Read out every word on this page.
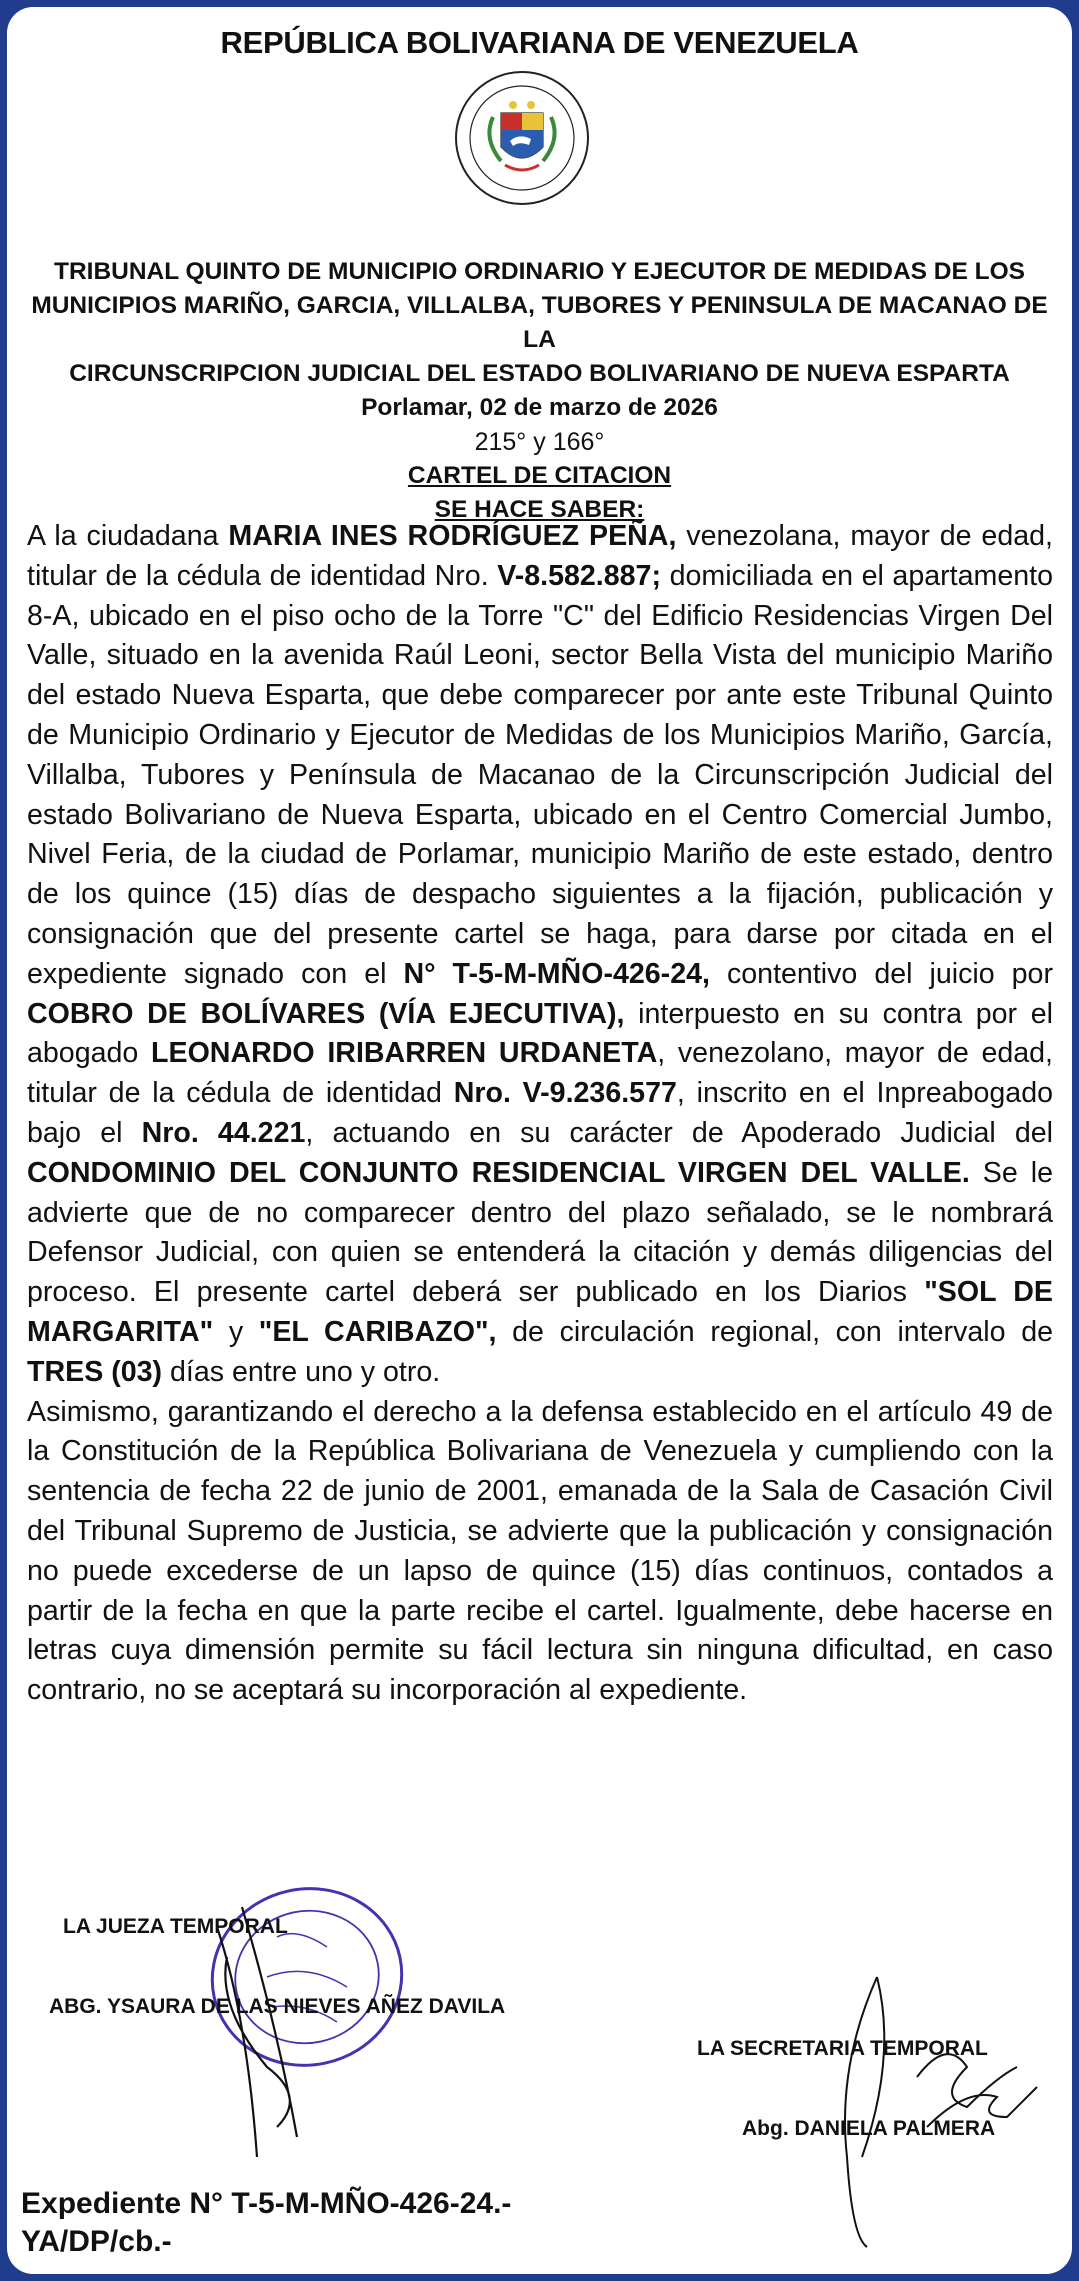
REPÚBLICA BOLIVARIANA DE VENEZUELA
TRIBUNAL QUINTO DE MUNICIPIO ORDINARIO Y EJECUTOR DE MEDIDAS DE LOS
MUNICIPIOS MARIÑO, GARCIA, VILLALBA, TUBORES Y PENINSULA DE MACANAO DE LA
CIRCUNSCRIPCION JUDICIAL DEL ESTADO BOLIVARIANO DE NUEVA ESPARTA
Porlamar, 02 de marzo de 2026
215° y 166°
CARTEL DE CITACION
SE HACE SABER:

A la ciudadana MARIA INES RODRÍGUEZ PEÑA, venezolana, mayor de edad, titular de la cédula de identidad Nro. V-8.582.887; domiciliada en el apartamento 8-A, ubicado en el piso ocho de la Torre "C" del Edificio Residencias Virgen Del Valle, situado en la avenida Raúl Leoni, sector Bella Vista del municipio Mariño del estado Nueva Esparta, que debe comparecer por ante este Tribunal Quinto de Municipio Ordinario y Ejecutor de Medidas de los Municipios Mariño, García, Villalba, Tubores y Península de Macanao de la Circunscripción Judicial del estado Bolivariano de Nueva Esparta, ubicado en el Centro Comercial Jumbo, Nivel Feria, de la ciudad de Porlamar, municipio Mariño de este estado, dentro de los quince (15) días de despacho siguientes a la fijación, publicación y consignación que del presente cartel se haga, para darse por citada en el expediente signado con el N° T-5-M-MÑO-426-24, contentivo del juicio por COBRO DE BOLÍVARES (VÍA EJECUTIVA), interpuesto en su contra por el abogado LEONARDO IRIBARREN URDANETA, venezolano, mayor de edad, titular de la cédula de identidad Nro. V-9.236.577, inscrito en el Inpreabogado bajo el Nro. 44.221, actuando en su carácter de Apoderado Judicial del CONDOMINIO DEL CONJUNTO RESIDENCIAL VIRGEN DEL VALLE. Se le advierte que de no comparecer dentro del plazo señalado, se le nombrará Defensor Judicial, con quien se entenderá la citación y demás diligencias del proceso. El presente cartel deberá ser publicado en los Diarios "SOL DE MARGARITA" y "EL CARIBAZO", de circulación regional, con intervalo de TRES (03) días entre uno y otro.

Asimismo, garantizando el derecho a la defensa establecido en el artículo 49 de la Constitución de la República Bolivariana de Venezuela y cumpliendo con la sentencia de fecha 22 de junio de 2001, emanada de la Sala de Casación Civil del Tribunal Supremo de Justicia, se advierte que la publicación y consignación no puede excederse de un lapso de quince (15) días continuos, contados a partir de la fecha en que la parte recibe el cartel. Igualmente, debe hacerse en letras cuya dimensión permite su fácil lectura sin ninguna dificultad, en caso contrario, no se aceptará su incorporación al expediente.

LA JUEZA TEMPORAL
ABG. YSAURA DE LAS NIEVES AÑEZ DAVILA
LA SECRETARIA TEMPORAL
Abg. DANIELA PALMERA
Expediente N° T-5-M-MÑO-426-24.-
YA/DP/cb.-
